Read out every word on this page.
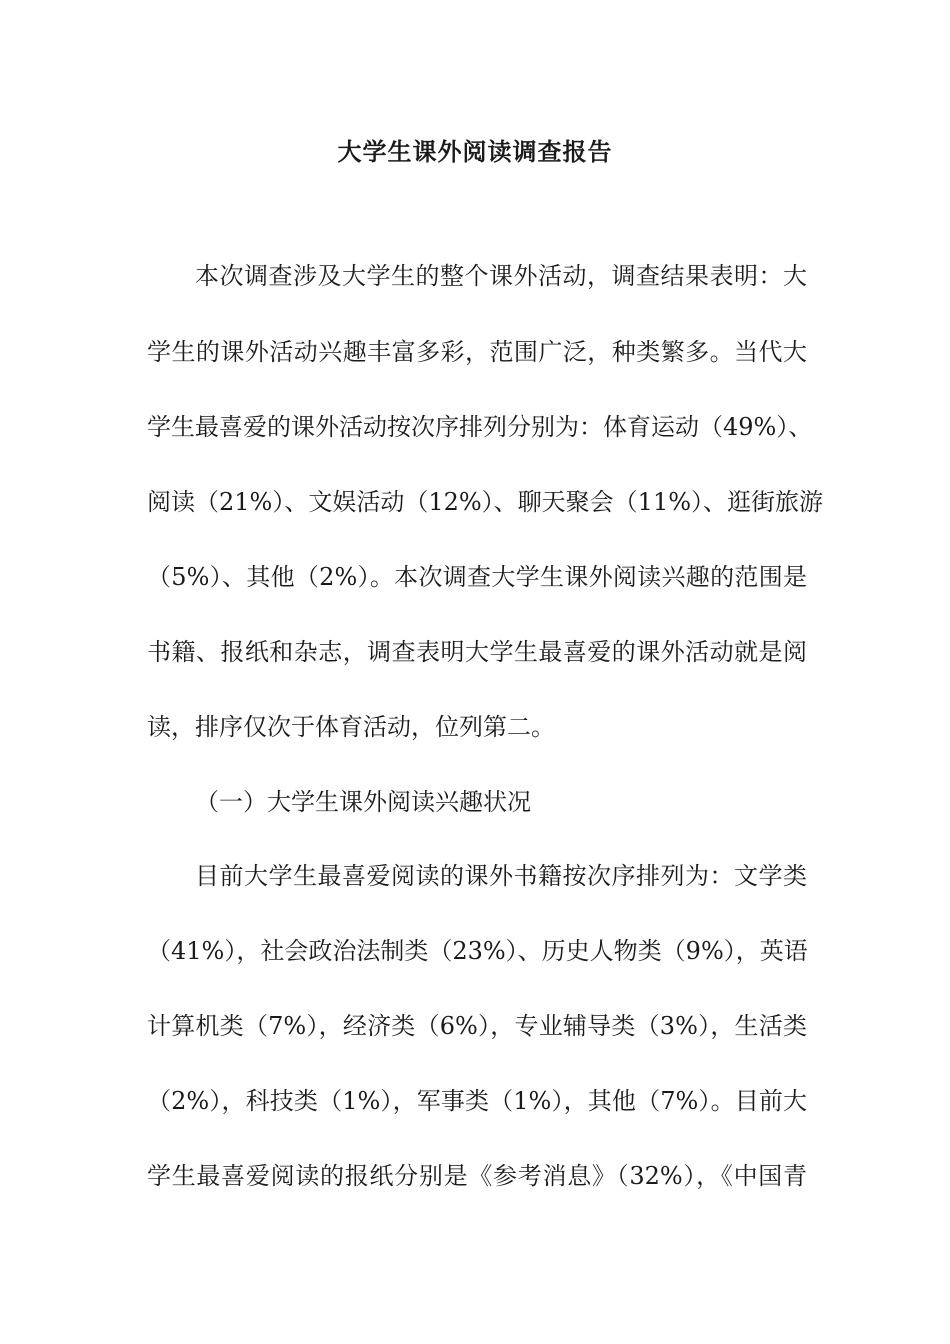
大学生课外阅读调查报告

本次调查涉及大学生的整个课外活动，调查结果表明：大

学生的课外活动兴趣丰富多彩，范围广泛，种类繁多。当代大

学生最喜爱的课外活动按次序排列分别为：体育运动（49%）、

阅读（21%）、文娱活动（12%）、聊天聚会（11%）、逛街旅游

（5%）、其他（2%）。本次调查大学生课外阅读兴趣的范围是

书籍、报纸和杂志，调查表明大学生最喜爱的课外活动就是阅

读，排序仅次于体育活动，位列第二。

（一）大学生课外阅读兴趣状况

目前大学生最喜爱阅读的课外书籍按次序排列为：文学类

（41%），社会政治法制类（23%）、历史人物类（9%），英语

计算机类（7%），经济类（6%），专业辅导类（3%），生活类

（2%），科技类（1%），军事类（1%），其他（7%）。目前大

学生最喜爱阅读的报纸分别是《参考消息》（32%），《中国青
